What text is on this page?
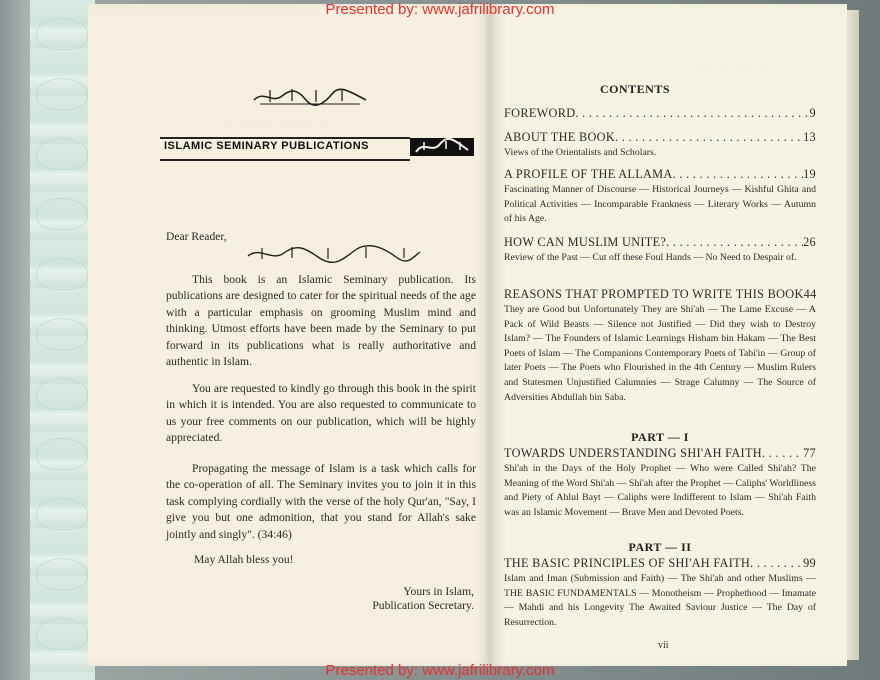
. . . . . . . . . . . . . . . . . . . .
. . . . . . . . . . . . . . . .
ISLAMIC SEMINARY PUBLICATIONS
Dear Reader,
This book is an Islamic Seminary publication. Its publications are designed to cater for the spiritual needs of the age with a particular emphasis on grooming Muslim mind and thinking. Utmost efforts have been made by the Seminary to put forward in its publications what is really authoritative and authentic in Islam.
You are requested to kindly go through this book in the spirit in which it is intended. You are also requested to communicate to us your free comments on our publication, which will be highly appreciated.
Propagating the message of Islam is a task which calls for the co-operation of all. The Seminary invites you to join it in this task complying cordially with the verse of the holy Qur'an, "Say, I give you but one admonition, that you stand for Allah's sake jointly and singly". (34:46)
May Allah bless you!
Yours in Islam,
Publication Secretary.
CONTENTS
FOREWORD . . .	9
ABOUT THE BOOK . . .	13
Views of the Orientalists and Scholars.
A PROFILE OF THE ALLAMA . . .	19
Fascinating Manner of Discourse — Historical Journeys — Kishful Ghita and Political Activities — Incomparable Frankness — Literary Works — Autumn of his Age.
HOW CAN MUSLIM UNITE? . . .	26
Review of the Past — Cut off these Foul Hands — No Need to Despair of.
REASONS THAT PROMPTED TO WRITE THIS BOOK 44
They are Good but Unfortunately They are Shi'ah — The Lame Excuse — A Pack of Wild Beasts — Silence not Justified — Did they wish to Destroy Islam? — The Founders of Islamic Learnings Hisham bin Hakam — The Best Poets of Islam — The Companions Contemporary Poets of Tabi'in — Group of later Poets — The Poets who Flourished in the 4th Century — Muslim Rulers and Statesmen Unjustified Calumnies — Strage Calumny — The Source of Adversities Abdullah bin Saba.
PART — I
TOWARDS UNDERSTANDING SHI'AH FAITH . . .	77
Shi'ah in the Days of the Holy Prophet — Who were Called Shi'ah? The Meaning of the Word Shi'ah — Shi'ah after the Prophet — Caliphs' Worldliness and Piety of Ahlul Bayt — Caliphs were Indifferent to Islam — Shi'ah Faith was an Islamic Movement — Brave Men and Devoted Poets.
PART — II
THE BASIC PRINCIPLES OF SHI'AH FAITH . . .	99
Islam and Iman (Submission and Faith) — The Shi'ah and other Muslims — THE BASIC FUNDAMENTALS — Monotheism — Prophethood — Imamate — Mahdi and his Longevity The Awaited Saviour Justice — The Day of Resurrection.
vii
Presented by: www.jafrilibrary.com
Presented by: www.jafrilibrary.com
